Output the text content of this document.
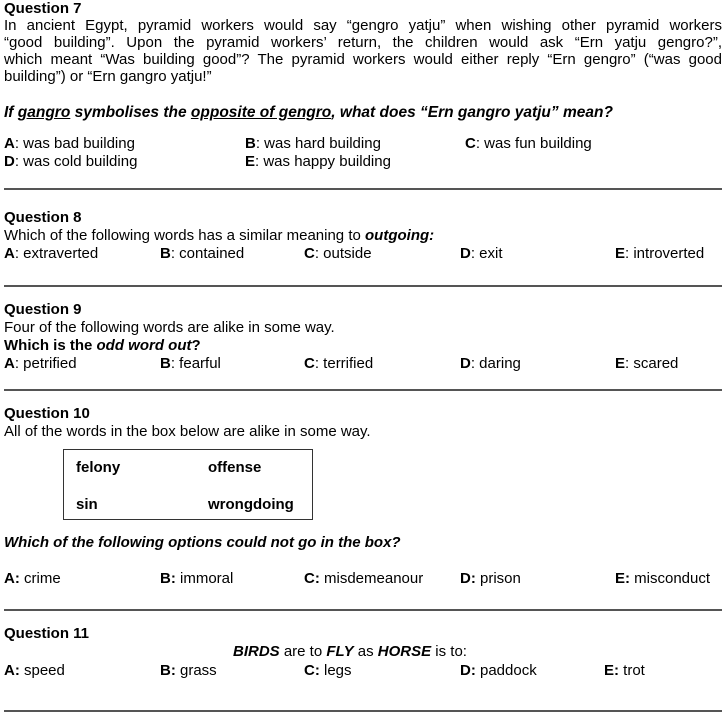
Question 7
In ancient Egypt, pyramid workers would say “gengro yatju” when wishing other pyramid workers
“good building”. Upon the pyramid workers’ return, the children would ask “Ern yatju gengro?”,
which meant “Was building good”? The pyramid workers would either reply “Ern gengro” (“was good
building”) or “Ern gangro yatju!”
If gangro symbolises the opposite of gengro, what does “Ern gangro yatju” mean?
A: was bad building	B: was hard building	C: was fun building
D: was cold building	E: was happy building
Question 8
Which of the following words has a similar meaning to outgoing:
A: extraverted	B: contained	C: outside	D: exit	E: introverted
Question 9
Four of the following words are alike in some way.
Which is the odd word out?
A: petrified	B: fearful	C: terrified	D: daring	E: scared
Question 10
All of the words in the box below are alike in some way.
felony	offense
sin	wrongdoing
Which of the following options could not go in the box?
A: crime	B: immoral	C: misdemeanour D: prison	E: misconduct
Question 11
BIRDS are to FLY as HORSE is to:
A: speed	B: grass	C: legs	D: paddock	E: trot
